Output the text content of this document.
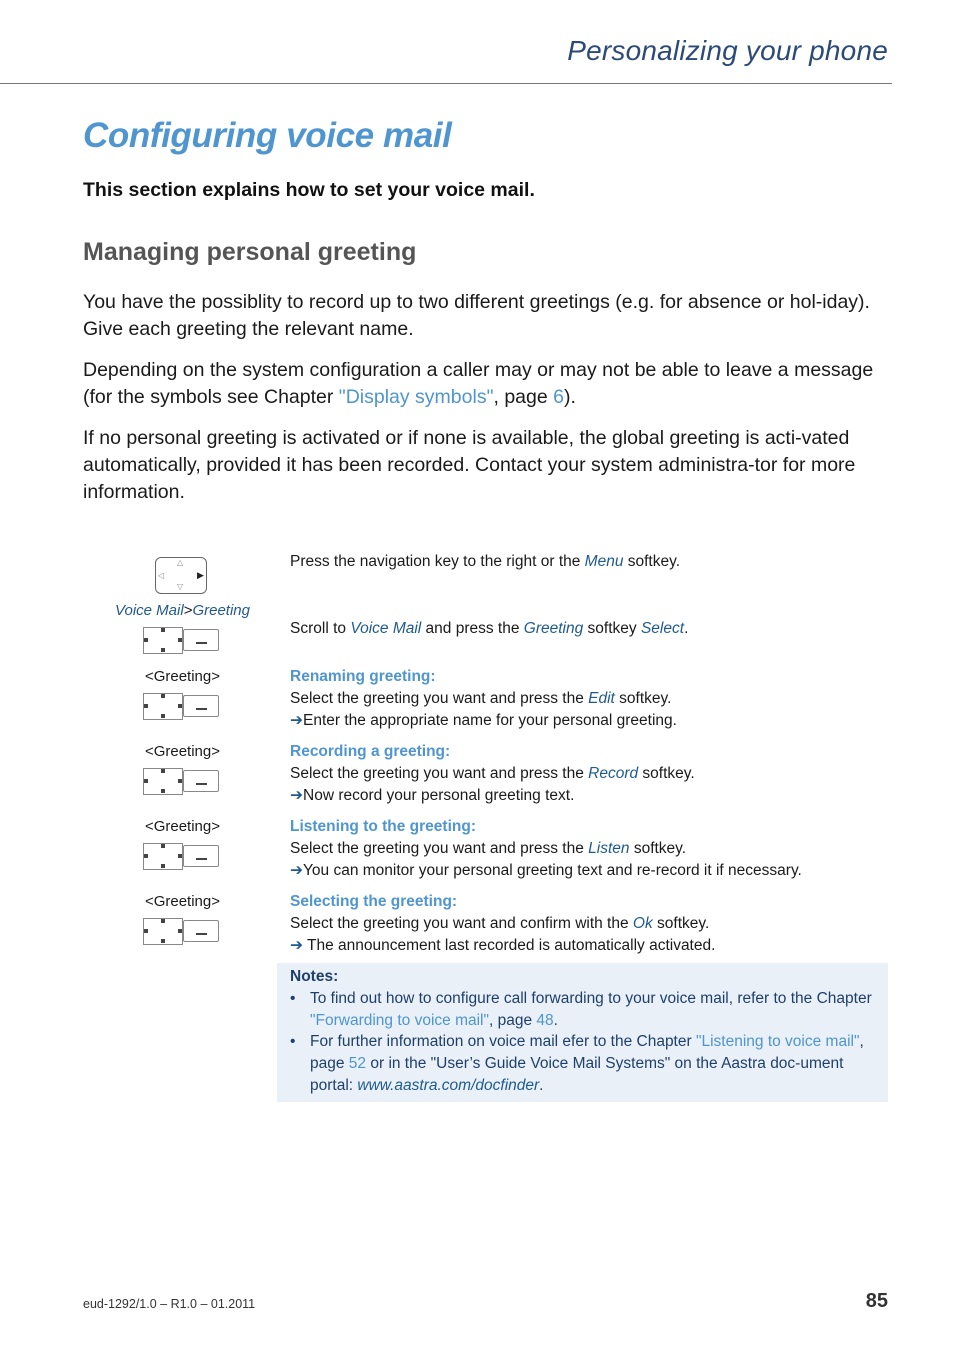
Personalizing your phone
Configuring voice mail
This section explains how to set your voice mail.
Managing personal greeting
You have the possiblity to record up to two different greetings (e.g. for absence or hol-iday). Give each greeting the relevant name.
Depending on the system configuration a caller may or may not be able to leave a message (for the symbols see Chapter "Display symbols", page 6).
If no personal greeting is activated or if none is available, the global greeting is acti-vated automatically, provided it has been recorded. Contact your system administra-tor for more information.
△
◁
▽
▶
Press the navigation key to the right or the Menu softkey.
Voice Mail>Greeting
Scroll to Voice Mail and press the Greeting softkey Select.
<Greeting>	Renaming greeting:
Select the greeting you want and press the Edit softkey.
➔Enter the appropriate name for your personal greeting.
<Greeting>	Recording a greeting:
Select the greeting you want and press the Record softkey.
➔Now record your personal greeting text.
<Greeting>	Listening to the greeting:
Select the greeting you want and press the Listen softkey.
➔You can monitor your personal greeting text and re-record it if necessary.
<Greeting>	Selecting the greeting:
Select the greeting you want and confirm with the Ok softkey.
➔ The announcement last recorded is automatically activated.
Notes:
• To find out how to configure call forwarding to your voice mail, refer to the Chapter "Forwarding to voice mail", page 48.
• For further information on voice mail efer to the Chapter "Listening to voice mail", page 52 or in the "User’s Guide Voice Mail Systems" on the Aastra doc-ument portal: www.aastra.com/docfinder.
eud-1292/1.0 – R1.0 – 01.2011	85
